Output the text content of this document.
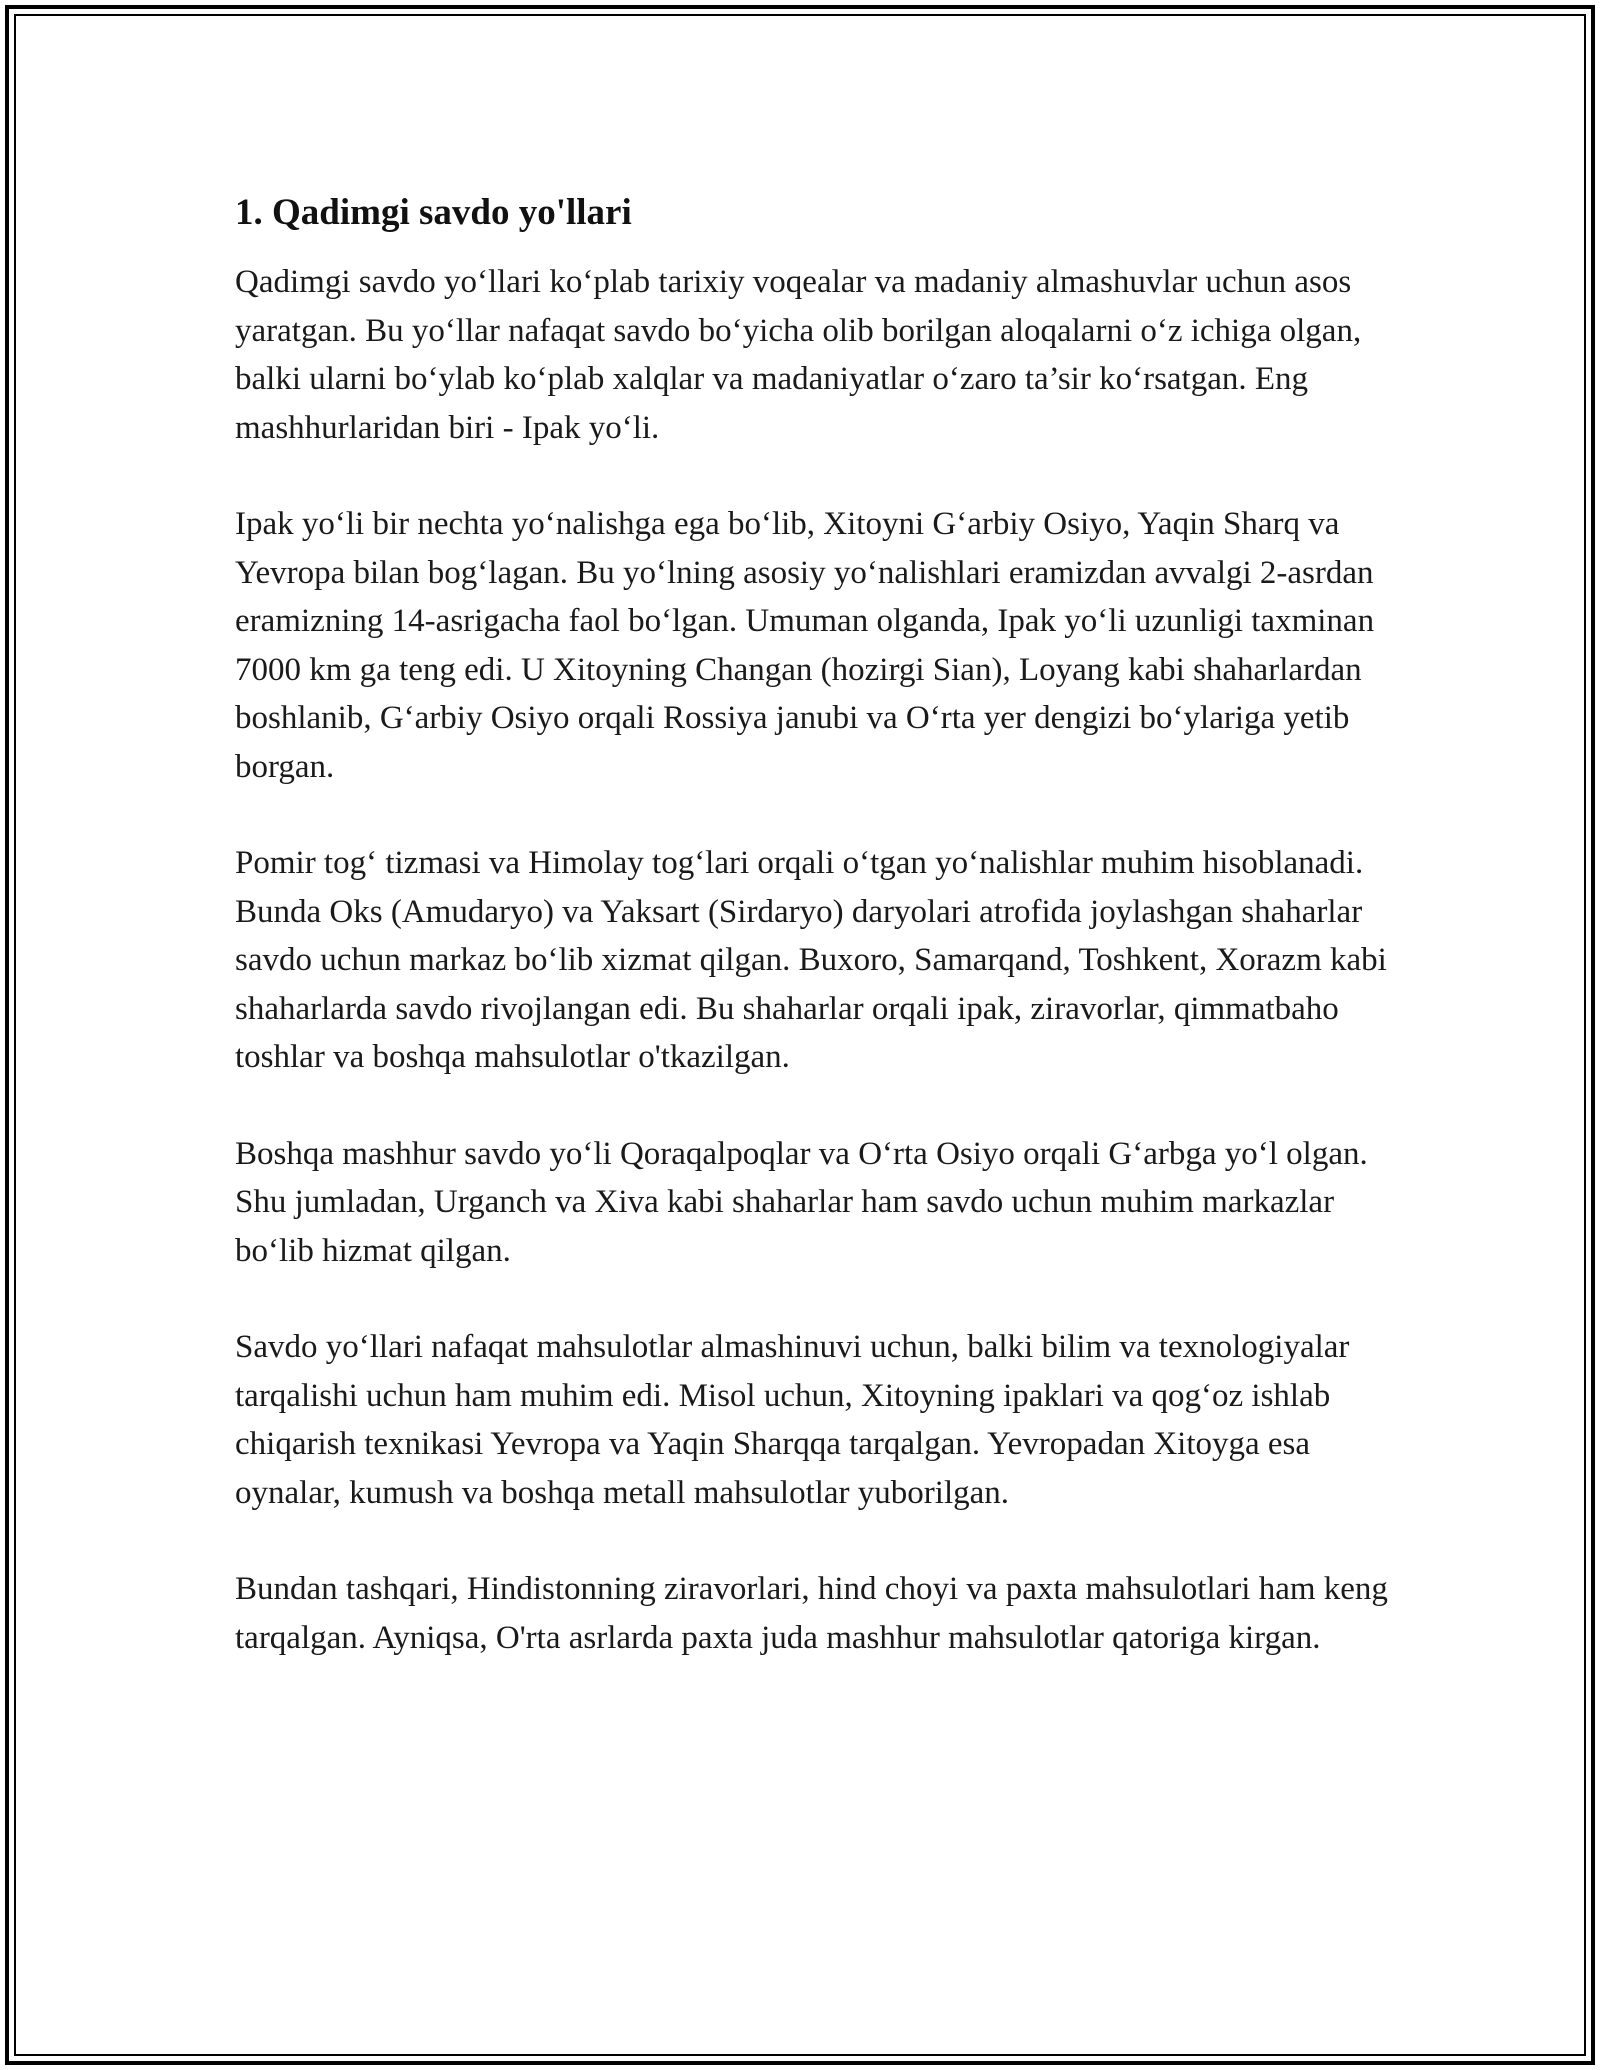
1. Qadimgi savdo yo'llari

Qadimgi savdo yo‘llari ko‘plab tarixiy voqealar va madaniy almashuvlar uchun asos yaratgan. Bu yo‘llar nafaqat savdo bo‘yicha olib borilgan aloqalarni o‘z ichiga olgan, balki ularni bo‘ylab ko‘plab xalqlar va madaniyatlar o‘zaro ta’sir ko‘rsatgan. Eng mashhurlaridan biri - Ipak yo‘li.

Ipak yo‘li bir nechta yo‘nalishga ega bo‘lib, Xitoyni G‘arbiy Osiyo, Yaqin Sharq va Yevropa bilan bog‘lagan. Bu yo‘lning asosiy yo‘nalishlari eramizdan avvalgi 2-asrdan eramizning 14-asrigacha faol bo‘lgan. Umuman olganda, Ipak yo‘li uzunligi taxminan 7000 km ga teng edi. U Xitoyning Changan (hozirgi Sian), Loyang kabi shaharlardan boshlanib, G‘arbiy Osiyo orqali Rossiya janubi va O‘rta yer dengizi bo‘ylariga yetib borgan.

Pomir tog‘ tizmasi va Himolay tog‘lari orqali o‘tgan yo‘nalishlar muhim hisoblanadi. Bunda Oks (Amudaryo) va Yaksart (Sirdaryo) daryolari atrofida joylashgan shaharlar savdo uchun markaz bo‘lib xizmat qilgan. Buxoro, Samarqand, Toshkent, Xorazm kabi shaharlarda savdo rivojlangan edi. Bu shaharlar orqali ipak, ziravorlar, qimmatbaho toshlar va boshqa mahsulotlar o'tkazilgan.

Boshqa mashhur savdo yo‘li Qoraqalpoqlar va O‘rta Osiyo orqali G‘arbga yo‘l olgan. Shu jumladan, Urganch va Xiva kabi shaharlar ham savdo uchun muhim markazlar bo‘lib hizmat qilgan.

Savdo yo‘llari nafaqat mahsulotlar almashinuvi uchun, balki bilim va texnologiyalar tarqalishi uchun ham muhim edi. Misol uchun, Xitoyning ipaklari va qog‘oz ishlab chiqarish texnikasi Yevropa va Yaqin Sharqqa tarqalgan. Yevropadan Xitoyga esa oynalar, kumush va boshqa metall mahsulotlar yuborilgan.

Bundan tashqari, Hindistonning ziravorlari, hind choyi va paxta mahsulotlari ham keng tarqalgan. Ayniqsa, O'rta asrlarda paxta juda mashhur mahsulotlar qatoriga kirgan.
